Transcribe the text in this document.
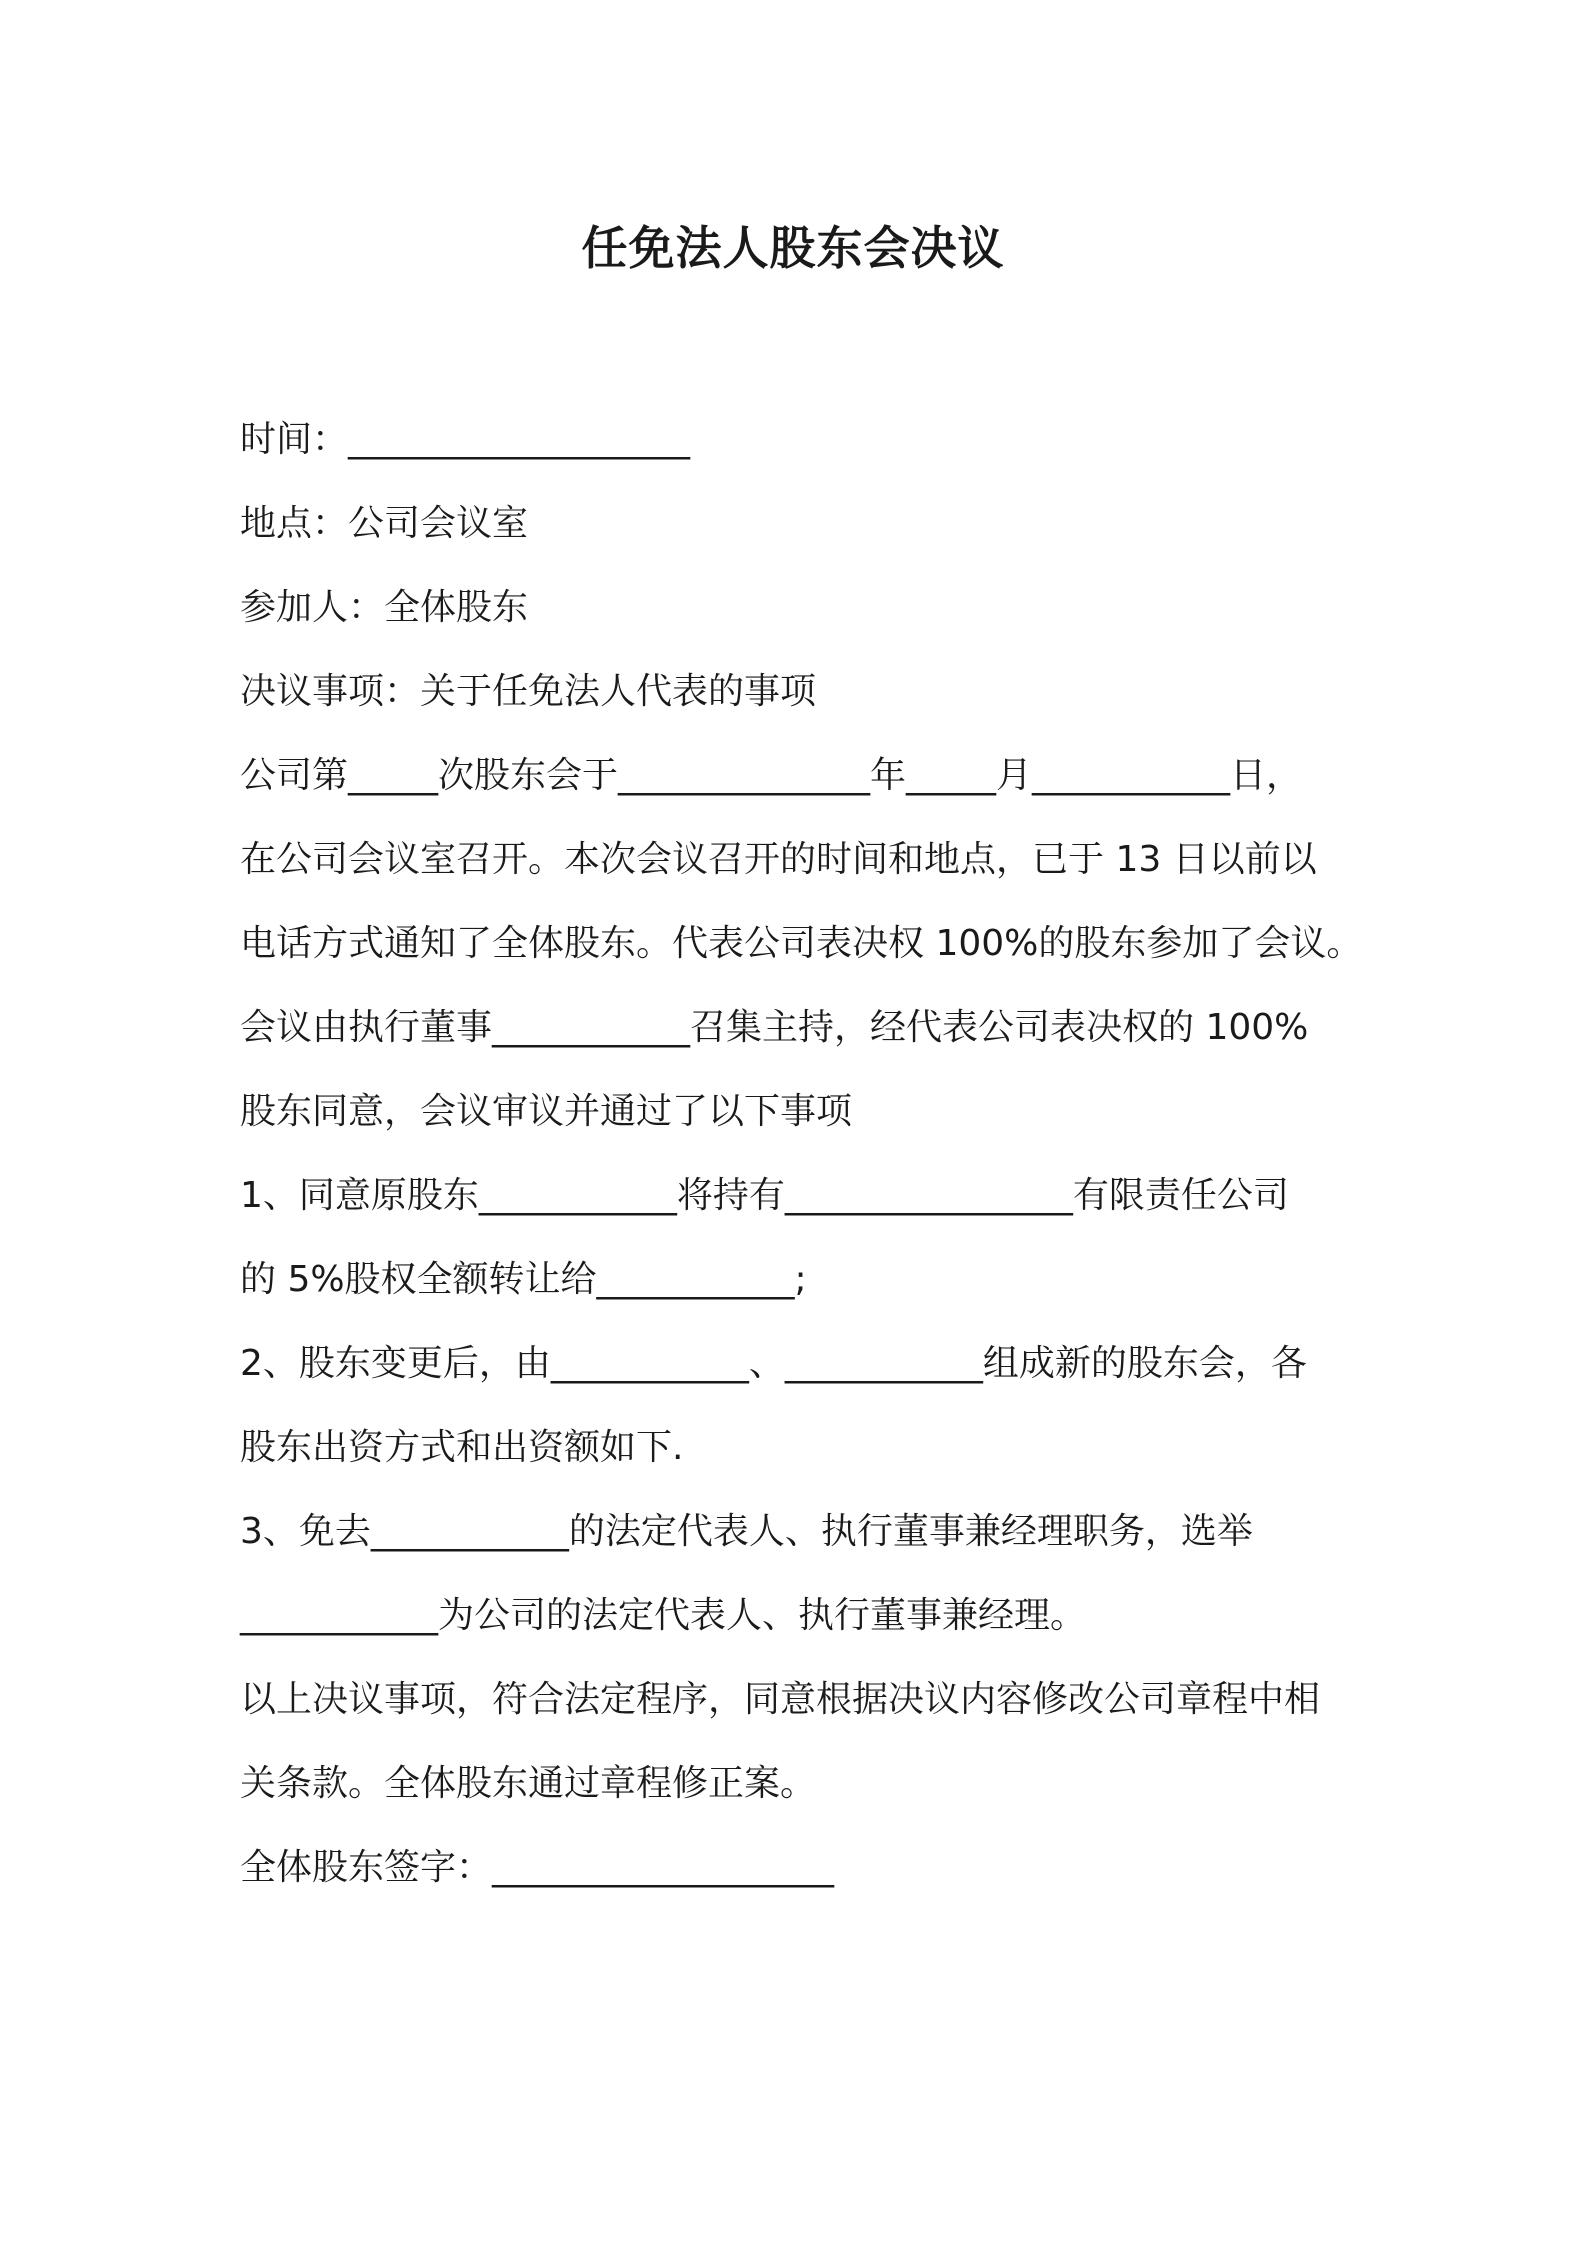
任免法人股东会决议
时间：___________________
地点：公司会议室
参加人：全体股东
决议事项：关于任免法人代表的事项
公司第_____次股东会于______________年_____月___________日，
在公司会议室召开。本次会议召开的时间和地点，已于 13 日以前以
电话方式通知了全体股东。代表公司表决权 100%的股东参加了会议。
会议由执行董事___________召集主持，经代表公司表决权的 100%
股东同意，会议审议并通过了以下事项
1、同意原股东___________将持有________________有限责任公司
的 5%股权全额转让给___________;
2、股东变更后，由___________、___________组成新的股东会，各
股东出资方式和出资额如下.
3、免去___________的法定代表人、执行董事兼经理职务，选举
___________为公司的法定代表人、执行董事兼经理。
以上决议事项，符合法定程序，同意根据决议内容修改公司章程中相
关条款。全体股东通过章程修正案。
全体股东签字：___________________
